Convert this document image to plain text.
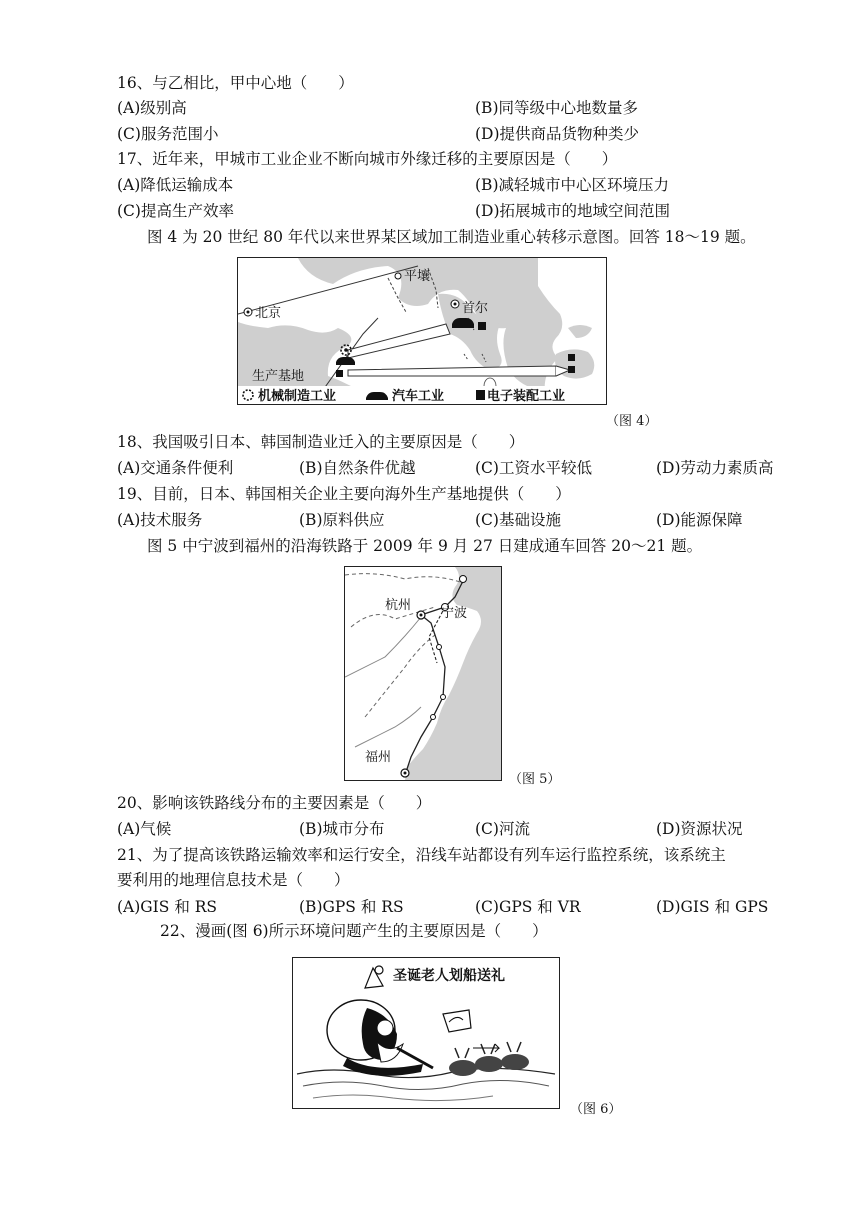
16、与乙相比，甲中心地（　　）
(A)级别高	(B)同等级中心地数量多
(C)服务范围小	(D)提供商品货物种类少
17、近年来，甲城市工业企业不断向城市外缘迁移的主要原因是（　　）
(A)降低运输成本	(B)减轻城市中心区环境压力
(C)提高生产效率	(D)拓展城市的地域空间范围
图 4 为 20 世纪 80 年代以来世界某区域加工制造业重心转移示意图。回答 18～19 题。
平壤
首尔
北京
生产基地
机械制造工业	汽车工业	电子装配工业
（图 4）
18、我国吸引日本、韩国制造业迁入的主要原因是（　　）
(A)交通条件便利	(B)自然条件优越	(C)工资水平较低	(D)劳动力素质高
19、目前，日本、韩国相关企业主要向海外生产基地提供（　　）
(A)技术服务	(B)原料供应	(C)基础设施	(D)能源保障
图 5 中宁波到福州的沿海铁路于 2009 年 9 月 27 日建成通车回答 20～21 题。
杭州
宁波
福州
（图 5）
20、影响该铁路线分布的主要因素是（　　）
(A)气候	(B)城市分布	(C)河流	(D)资源状况
21、为了提高该铁路运输效率和运行安全，沿线车站都设有列车运行监控系统，该系统主
要利用的地理信息技术是（　　）
(A)GIS 和 RS	(B)GPS 和 RS	(C)GPS 和 VR	(D)GIS 和 GPS
22、漫画(图 6)所示环境问题产生的主要原因是（　　）
圣诞老人划船送礼
（图 6）
